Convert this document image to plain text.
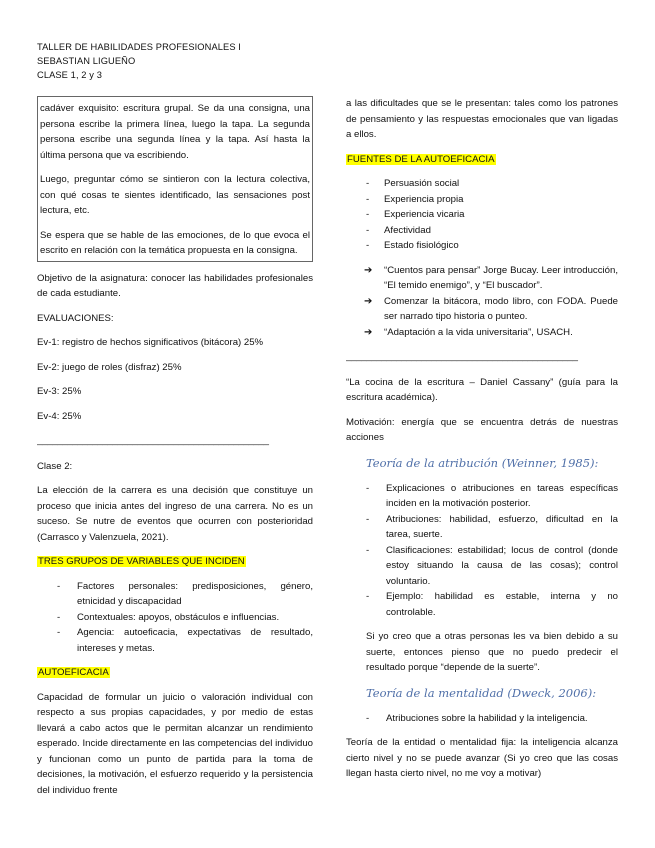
TALLER DE HABILIDADES PROFESIONALES I
SEBASTIAN LIGUEÑO
CLASE 1, 2 y 3

cadáver exquisito: escritura grupal. Se da una consigna, una persona escribe la primera línea, luego la tapa. La segunda persona escribe una segunda línea y la tapa. Así hasta la última persona que va escribiendo.

Luego, preguntar cómo se sintieron con la lectura colectiva, con qué cosas te sientes identificado, las sensaciones post lectura, etc.

Se espera que se hable de las emociones, de lo que evoca el escrito en relación con la temática propuesta en la consigna.

Objetivo de la asignatura: conocer las habilidades profesionales de cada estudiante.

EVALUACIONES:

Ev-1: registro de hechos significativos (bitácora) 25%

Ev-2: juego de roles (disfraz) 25%

Ev-3: 25%

Ev-4: 25%

______________________________________________

Clase 2:

La elección de la carrera es una decisión que constituye un proceso que inicia antes del ingreso de una carrera. No es un suceso. Se nutre de eventos que ocurren con posterioridad (Carrasco y Valenzuela, 2021).

TRES GRUPOS DE VARIABLES QUE INCIDEN
- Factores personales: predisposiciones, género, etnicidad y discapacidad
- Contextuales: apoyos, obstáculos e influencias.
- Agencia: autoeficacia, expectativas de resultado, intereses y metas.
AUTOEFICACIA

Capacidad de formular un juicio o valoración individual con respecto a sus propias capacidades, y por medio de estas llevará a cabo actos que le permitan alcanzar un rendimiento esperado. Incide directamente en las competencias del individuo y funcionan como un punto de partida para la toma de decisiones, la motivación, el esfuerzo requerido y la persistencia del individuo frente

a las dificultades que se le presentan: tales como los patrones de pensamiento y las respuestas emocionales que van ligadas a ellos.

FUENTES DE LA AUTOEFICACIA
- Persuasión social
- Experiencia propia
- Experiencia vicaria
- Afectividad
- Estado fisiológico
➔ “Cuentos para pensar” Jorge Bucay. Leer introducción, “El temido enemigo”, y “El buscador”.
➔ Comenzar la bitácora, modo libro, con FODA. Puede ser narrado tipo historia o punteo.
➔ “Adaptación a la vida universitaria”, USACH.
______________________________________________

“La cocina de la escritura – Daniel Cassany” (guía para la escritura académica).

Motivación: energía que se encuentra detrás de nuestras acciones

Teoría de la atribución (Weinner, 1985):
- Explicaciones o atribuciones en tareas específicas inciden en la motivación posterior.
- Atribuciones: habilidad, esfuerzo, dificultad en la tarea, suerte.
- Clasificaciones: estabilidad; locus de control (donde estoy situando la causa de las cosas); control voluntario.
- Ejemplo: habilidad es estable, interna y no controlable.

Si yo creo que a otras personas les va bien debido a su suerte, entonces pienso que no puedo predecir el resultado porque “depende de la suerte”.

Teoría de la mentalidad (Dweck, 2006):
- Atribuciones sobre la habilidad y la inteligencia.

Teoría de la entidad o mentalidad fija: la inteligencia alcanza cierto nivel y no se puede avanzar (Si yo creo que las cosas llegan hasta cierto nivel, no me voy a motivar)
